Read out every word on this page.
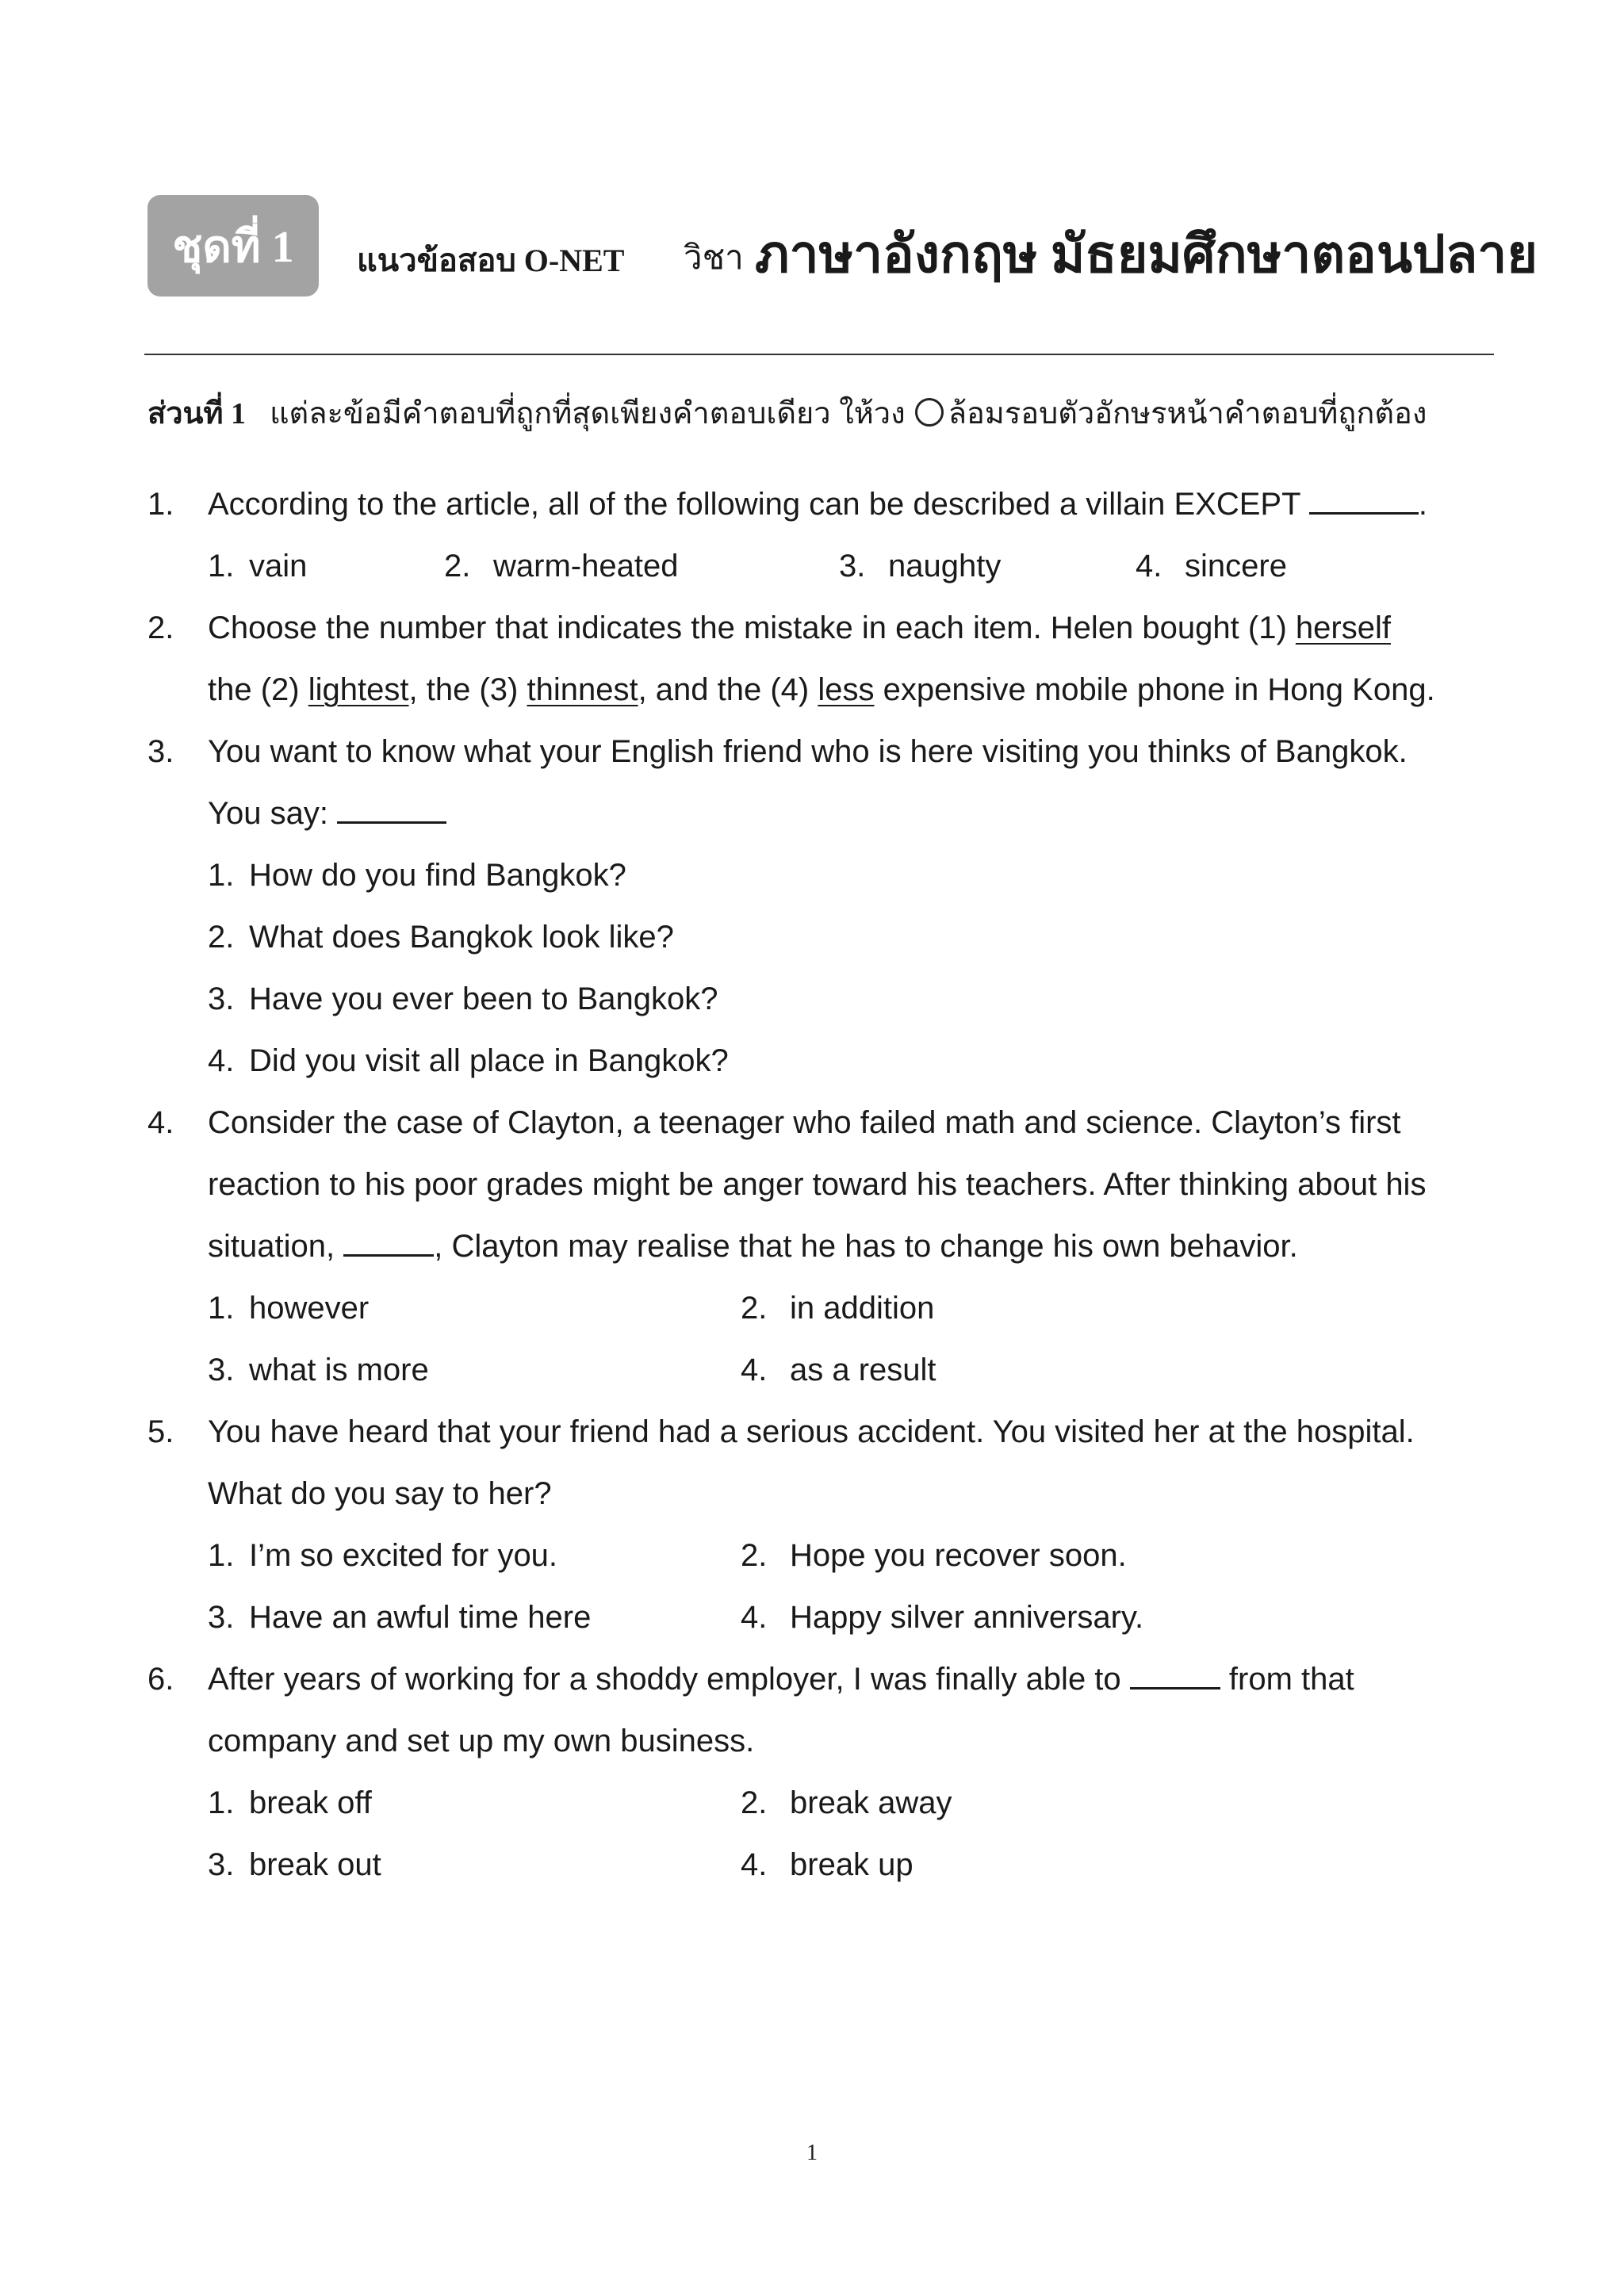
ชุดที่ 1	แนวข้อสอบ O-NET วิชา ภาษาอังกฤษ มัธยมศึกษาตอนปลาย
ส่วนที่ 1 แต่ละข้อมีคำตอบที่ถูกที่สุดเพียงคำตอบเดียว ให้วง ล้อมรอบตัวอักษรหน้าคำตอบที่ถูกต้อง
1. According to the article, all of the following can be described a villain EXCEPT	.
1. vain	2. warm-heated	3. naughty	4. sincere
2. Choose the number that indicates the mistake in each item. Helen bought (1) herself
the (2) lightest, the (3) thinnest, and the (4) less expensive mobile phone in Hong Kong.
3. You want to know what your English friend who is here visiting you thinks of Bangkok.
You say:
1. How do you find Bangkok?
2. What does Bangkok look like?
3. Have you ever been to Bangkok?
4. Did you visit all place in Bangkok?
4. Consider the case of Clayton, a teenager who failed math and science. Clayton’s first
reaction to his poor grades might be anger toward his teachers. After thinking about his
situation,	, Clayton may realise that he has to change his own behavior.
1. however	2. in addition
3. what is more	4. as a result
5. You have heard that your friend had a serious accident. You visited her at the hospital.
What do you say to her?
1. I’m so excited for you.	2. Hope you recover soon.
3. Have an awful time here	4. Happy silver anniversary.
6. After years of working for a shoddy employer, I was finally able to	from that
company and set up my own business.
1. break off	2. break away
3. break out	4. break up
1
